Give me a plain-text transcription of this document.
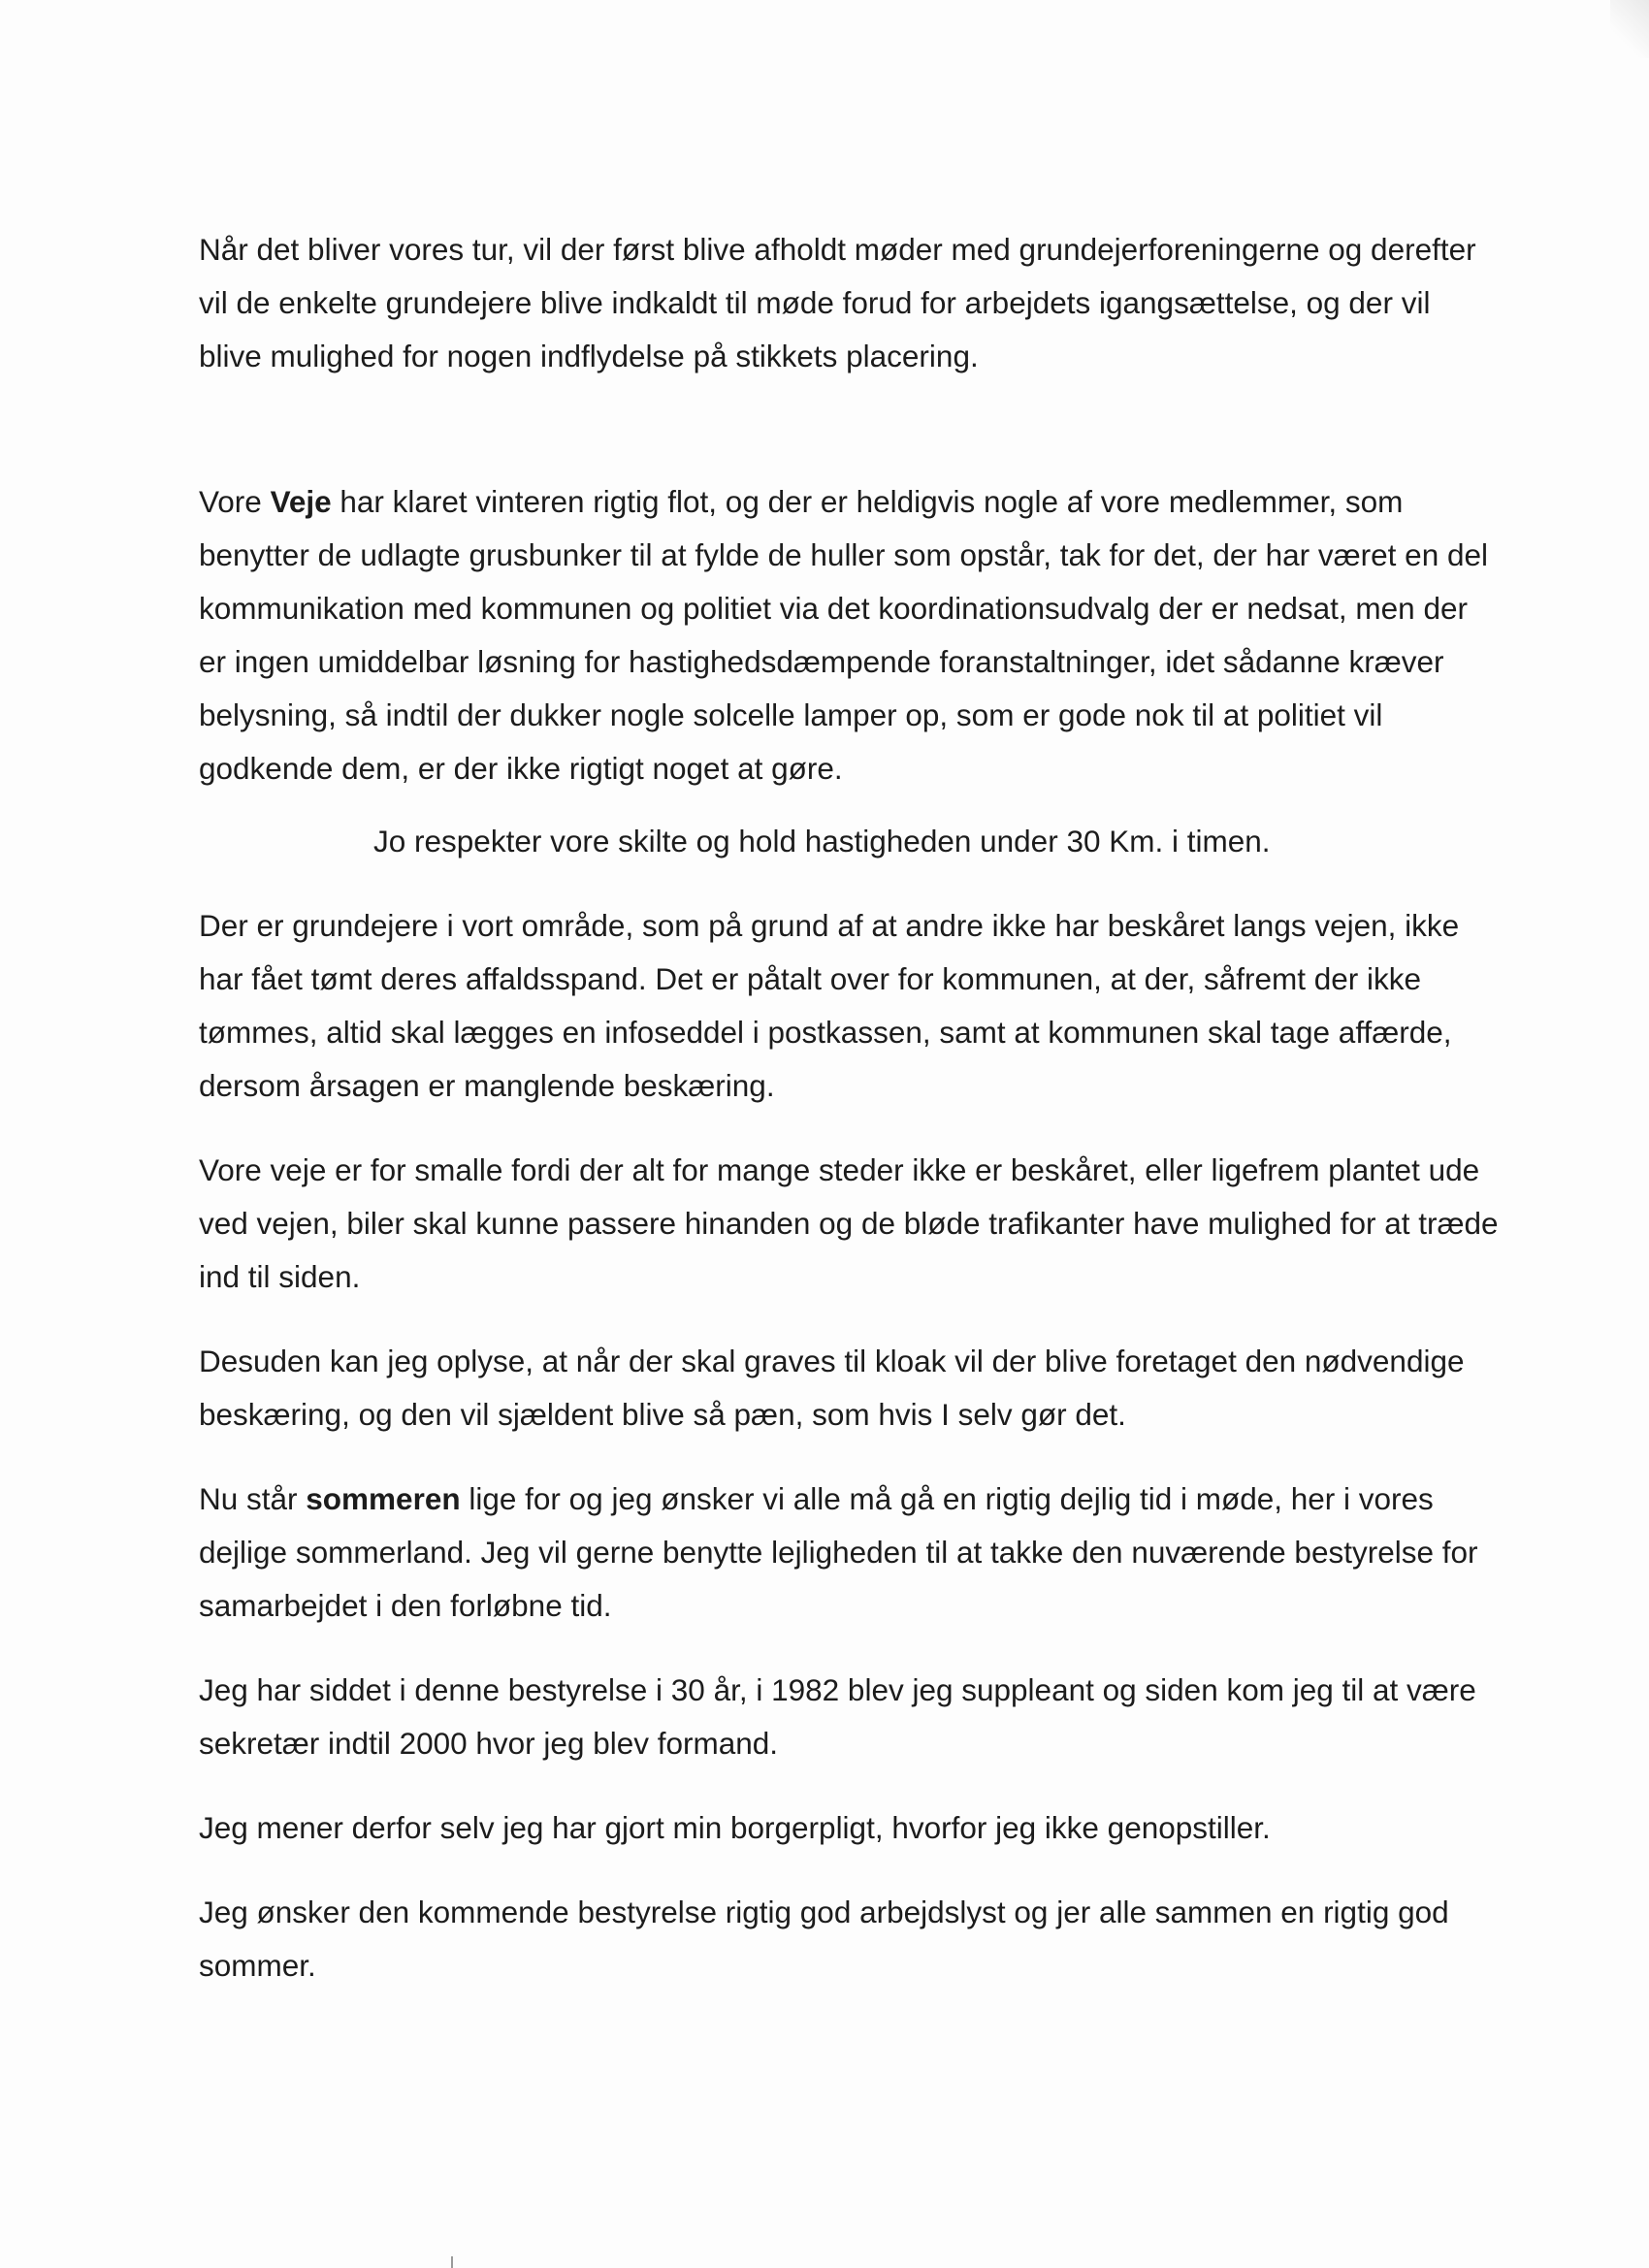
Når det bliver vores tur, vil der først blive afholdt møder med grundejerforeningerne og derefter vil de enkelte grundejere blive indkaldt til møde forud for arbejdets igangsættelse, og der vil blive mulighed for nogen indflydelse på stikkets placering.

Vore Veje har klaret vinteren rigtig flot, og der er heldigvis nogle af vore medlemmer, som benytter de udlagte grusbunker til at fylde de huller som opstår, tak for det, der har været en del kommunikation med kommunen og politiet via det koordinationsudvalg der er nedsat, men der er ingen umiddelbar løsning for hastighedsdæmpende foranstaltninger, idet sådanne kræver belysning, så indtil der dukker nogle solcelle lamper op, som er gode nok til at politiet vil godkende dem, er der ikke rigtigt noget at gøre.

Jo respekter vore skilte og hold hastigheden under 30 Km. i timen.

Der er grundejere i vort område, som på grund af at andre ikke har beskåret langs vejen, ikke har fået tømt deres affaldsspand. Det er påtalt over for kommunen, at der, såfremt der ikke tømmes, altid skal lægges en infoseddel i postkassen, samt at kommunen skal tage affærde, dersom årsagen er manglende beskæring.

Vore veje er for smalle fordi der alt for mange steder ikke er beskåret, eller ligefrem plantet ude ved vejen, biler skal kunne passere hinanden og de bløde trafikanter have mulighed for at træde ind til siden.

Desuden kan jeg oplyse, at når der skal graves til kloak vil der blive foretaget den nødvendige beskæring, og den vil sjældent blive så pæn, som hvis I selv gør det.

Nu står sommeren lige for og jeg ønsker vi alle må gå en rigtig dejlig tid i møde, her i vores dejlige sommerland. Jeg vil gerne benytte lejligheden til at takke den nuværende bestyrelse for samarbejdet i den forløbne tid.

Jeg har siddet i denne bestyrelse i 30 år, i 1982 blev jeg suppleant og siden kom jeg til at være sekretær indtil 2000 hvor jeg blev formand.

Jeg mener derfor selv jeg har gjort min borgerpligt, hvorfor jeg ikke genopstiller.

Jeg ønsker den kommende bestyrelse rigtig god arbejdslyst og jer alle sammen en rigtig god sommer.
